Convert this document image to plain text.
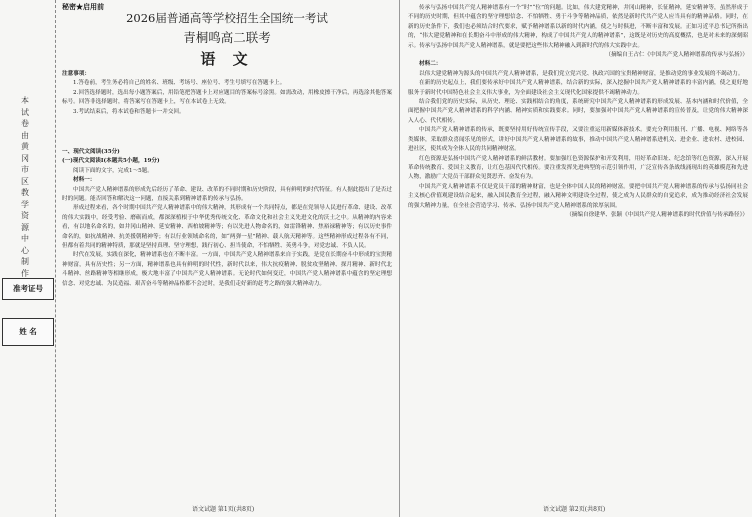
本试卷由黄冈市区教学资源中心制作
准考证号
姓 名
秘密★启用前
2026届普通高等学校招生全国统一考试
青桐鸣高二联考
语 文

注意事项：

1.答卷前，考生务必将自己的姓名、班级、考场号、座位号、考生号填写在答题卡上。

2.回答选择题时，选出每小题答案后，用铅笔把答题卡上对应题目的答案标号涂黑。如需改动，用橡皮擦干净后，再选涂其他答案标号。回答非选择题时，将答案写在答题卡上，写在本试卷上无效。

3.考试结束后，将本试卷和答题卡一并交回。

一、现代文阅读(35分)

(一)现代文阅读Ⅰ(本题共5小题，19分)

阅读下面的文字，完成1～5题。

材料一：

中国共产党人精神谱系的形成先后经历了革命、建设、改革的不同时期和历史阶段，具有鲜明的时代特征。有人据此提出了是否过时的问题。能否回答和解决这一问题，直接关系到精神谱系的传承与弘扬。

形成过程来看，各个时期中国共产党人精神谱系中的伟大精神，其形成有一个共同特点，都是在党领导人民进行革命、建设、改革的伟大实践中，经受考验、磨砺而成，都深深植根于中华优秀传统文化、革命文化和社会主义先进文化的沃土之中。从精神的内容来看，有以地名命名的，如井冈山精神、延安精神、西柏坡精神等；有以先进人物命名的，如雷锋精神、焦裕禄精神等；有以历史事件命名的，如抗战精神、抗美援朝精神等；有以行业领域命名的，如“两弹一星”精神、载人航天精神等。这些精神形成过程各有不同，但都有着共同的精神特质，那就是坚持真理、坚守理想，践行初心、担当使命，不怕牺牲、英勇斗争，对党忠诚、不负人民。

时代在发展，实践在深化，精神谱系也在不断丰富。一方面，中国共产党人精神谱系来自于实践，是党在长期奋斗中形成的宝贵精神财富，具有历史性；另一方面，精神谱系也具有鲜明的时代性，新时代以来，伟大抗疫精神、脱贫攻坚精神、探月精神、新时代北斗精神、丝路精神等相继形成，极大地丰富了中国共产党人精神谱系。无论时代如何变迁，中国共产党人精神谱系中蕴含的坚定理想信念、对党忠诚、为民造福、艰苦奋斗等精神品格都不会过时，是我们走好新的赶考之路的强大精神动力。

语文试题 第1页(共8页)

传承与弘扬中国共产党人精神谱系有一个“时”“位”的问题。比如，伟大建党精神，井冈山精神，长征精神，延安精神等，虽然形成于不同的历史时期，但其中蕴含的坚守理想信念、不怕牺牲、勇于斗争等精神品质，依然是新时代共产党人应当具有的精神品格。同时，在新的历史条件下，我们也必须结合时代要求，赋予精神谱系以新的时代内涵，使之与时俱进，不断丰富和发展。正如习近平总书记所指出的，“伟大建党精神和在长期奋斗中形成的伟大精神，构成了中国共产党人的精神谱系”，这既是对历史的高度概括，也是对未来的深刻昭示。传承与弘扬中国共产党人精神谱系，就是要把这些伟大精神融入到新时代的伟大实践中去。

（摘编自王占仁《中国共产党人精神谱系的传承与弘扬》）

材料二：

以伟大建党精神为源头的中国共产党人精神谱系，是我们党立党兴党、执政兴国的宝贵精神财富，是推动党的事业发展的不竭动力。

在新的历史起点上，我们要传承好中国共产党人精神谱系，结合新的实际，深入挖掘中国共产党人精神谱系的丰富内涵，使之更好地服务于新时代中国特色社会主义伟大事业，为全面建设社会主义现代化国家提供不竭精神动力。

结合我们党的历史实际，从历史、理论、实践相结合的角度，系统研究中国共产党人精神谱系的形成发展、基本内涵和时代价值，全面把握中国共产党人精神谱系的科学内涵、精神实质和实践要求。同时，要加强对中国共产党人精神谱系的宣传普及，让党的伟大精神深入人心、代代相传。

中国共产党人精神谱系的传承，既要坚持用好传统宣传手段，又要注重运用新媒体新技术。要充分利用报刊、广播、电视、网络等各类媒体，采取群众喜闻乐见的形式，讲好中国共产党人精神谱系的故事，推动中国共产党人精神谱系进机关、进企业、进农村、进校园、进社区，使其成为全体人民的共同精神财富。

红色资源是弘扬中国共产党人精神谱系的鲜活教材。要加强红色资源保护和开发利用，用好革命旧址、纪念馆等红色资源，深入开展革命传统教育、爱国主义教育，让红色基因代代相传。要注重发挥先进典型的示范引领作用，广泛宣传各条战线涌现出的英雄模范和先进人物，激励广大党员干部群众见贤思齐、奋发有为。

中国共产党人精神谱系不仅是党员干部的精神财富，也是全体中国人民的精神财富。要把中国共产党人精神谱系的传承与弘扬同社会主义核心价值观建设结合起来，融入国民教育全过程，融入精神文明建设全过程，使之成为人民群众的自觉追求，成为推动经济社会发展的强大精神力量，在全社会营造学习、传承、弘扬中国共产党人精神谱系的浓厚氛围。

（摘编自徐建华、张颖《中国共产党人精神谱系的时代价值与传承路径》）

语文试题 第2页(共8页)
